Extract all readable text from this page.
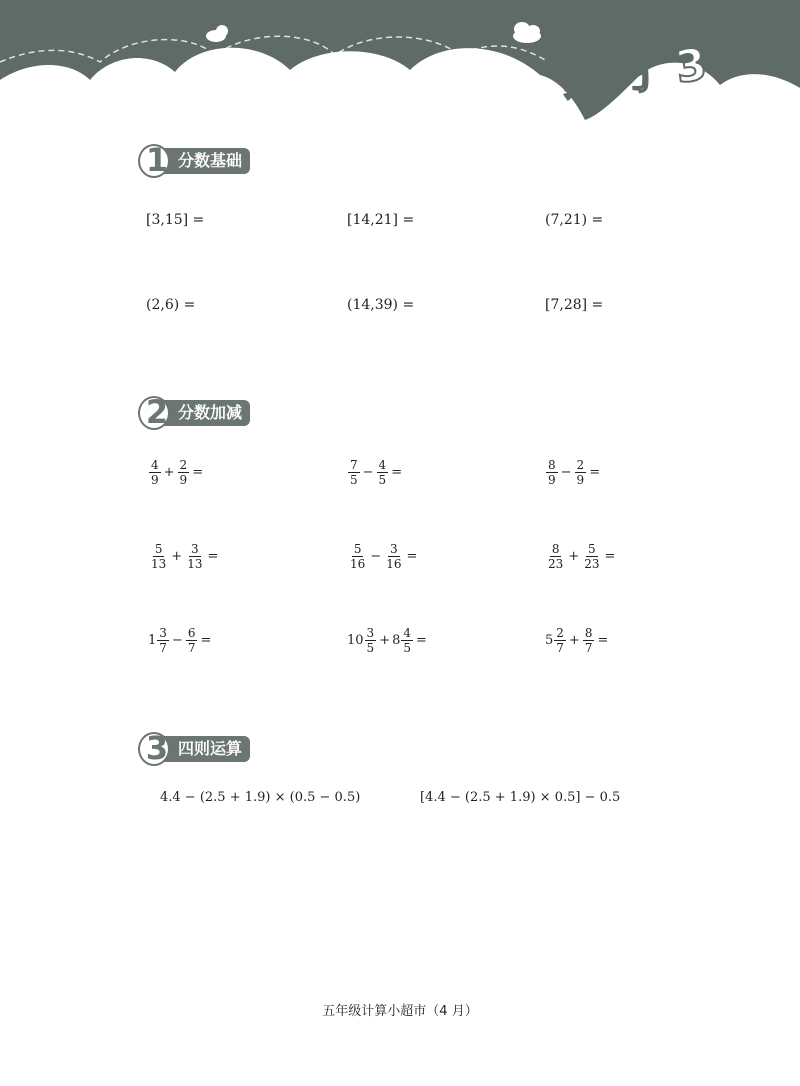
练习 3
1 分数基础
[3,15] =	[14,21] =	(7,21) =
(2,6) =	(14,39) =	[7,28] =
2 分数加减
$\frac{4}{9} + \frac{2}{9}$ =	$\frac{7}{5} - \frac{4}{5}$ =	$\frac{8}{9} - \frac{2}{9}$ =
$\frac{5}{13} + \frac{3}{13}$ =	$\frac{5}{16} - \frac{3}{16}$ =	$\frac{8}{23} + \frac{5}{23}$ =
$1 \frac{3}{7} - \frac{6}{7}$ =	$10 \frac{3}{5} + 8 \frac{4}{5}$ =	$5 \frac{2}{7} + \frac{8}{7}$ =
3 四则运算
4.4 − (2.5 + 1.9) × (0.5 − 0.5)	[4.4 − (2.5 + 1.9) × 0.5] − 0.5
五年级计算小超市（4 月）
